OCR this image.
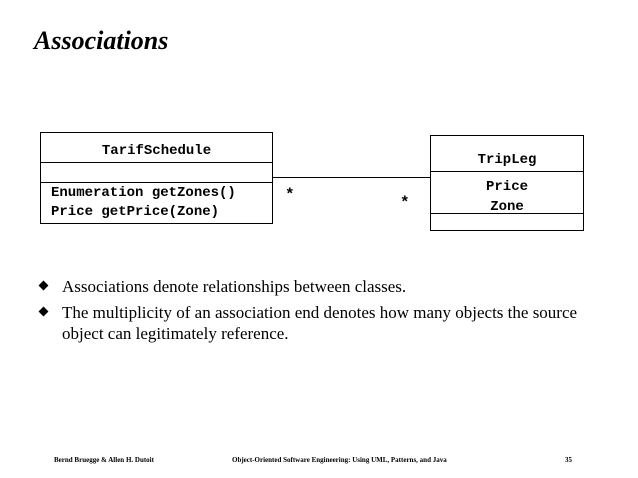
Associations
TarifSchedule
Enumeration getZones()
Price getPrice(Zone)
*	*
TripLeg
Price
Zone
Associations denote relationships between classes.
The multiplicity of an association end denotes how many objects the source object can legitimately reference.
Bernd Bruegge & Allen H. Dutoit	Object-Oriented Software Engineering: Using UML, Patterns, and Java	35
